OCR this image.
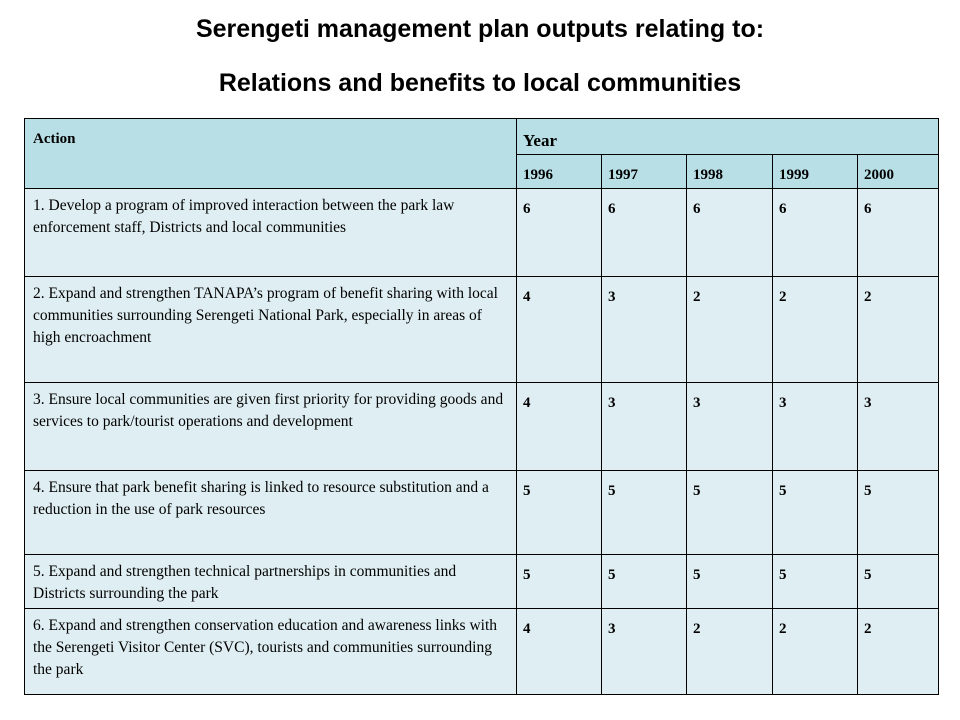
Serengeti management plan outputs relating to:
Relations and benefits to local communities
Action	Year				
	1996	1997	1998	1999	2000
1. Develop a program of improved interaction between the park law enforcement staff, Districts and local communities	6	6	6	6	6
2. Expand and strengthen TANAPA’s program of benefit sharing with local communities surrounding Serengeti National Park, especially in areas of high encroachment	4	3	2	2	2
3. Ensure local communities are given first priority for providing goods and services to park/tourist operations and development	4	3	3	3	3
4. Ensure that park benefit sharing is linked to resource substitution and a reduction in the use of park resources	5	5	5	5	5
5. Expand and strengthen technical partnerships in communities and Districts surrounding the park	5	5	5	5	5
6. Expand and strengthen conservation education and awareness links with the Serengeti Visitor Center (SVC), tourists and communities surrounding the park	4	3	2	2	2
